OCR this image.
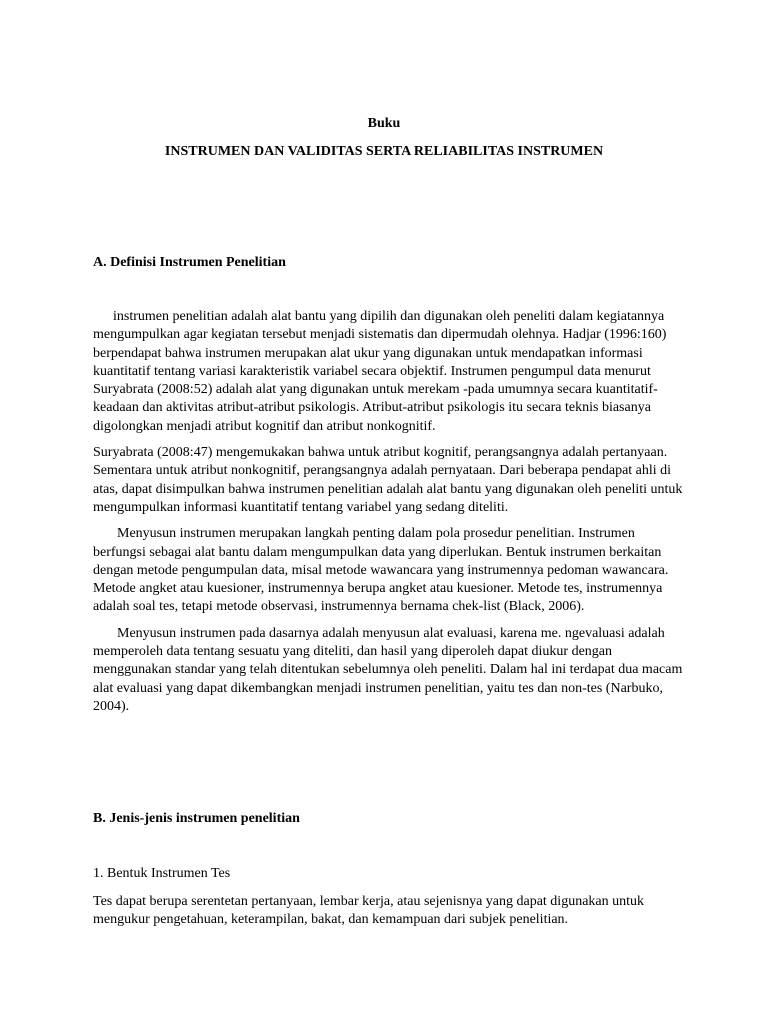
Buku
INSTRUMEN DAN VALIDITAS SERTA RELIABILITAS INSTRUMEN
A. Definisi Instrumen Penelitian

instrumen penelitian adalah alat bantu yang dipilih dan digunakan oleh peneliti dalam kegiatannya mengumpulkan agar kegiatan tersebut menjadi sistematis dan dipermudah olehnya. Hadjar (1996:160) berpendapat bahwa instrumen merupakan alat ukur yang digunakan untuk mendapatkan informasi kuantitatif tentang variasi karakteristik variabel secara objektif. Instrumen pengumpul data menurut Suryabrata (2008:52) adalah alat yang digunakan untuk merekam -pada umumnya secara kuantitatif- keadaan dan aktivitas atribut-atribut psikologis. Atribut-atribut psikologis itu secara teknis biasanya digolongkan menjadi atribut kognitif dan atribut nonkognitif.

Suryabrata (2008:47) mengemukakan bahwa untuk atribut kognitif, perangsangnya adalah pertanyaan. Sementara untuk atribut nonkognitif, perangsangnya adalah pernyataan. Dari beberapa pendapat ahli di atas, dapat disimpulkan bahwa instrumen penelitian adalah alat bantu yang digunakan oleh peneliti untuk mengumpulkan informasi kuantitatif tentang variabel yang sedang diteliti.

Menyusun instrumen merupakan langkah penting dalam pola prosedur penelitian. Instrumen berfungsi sebagai alat bantu dalam mengumpulkan data yang diperlukan. Bentuk instrumen berkaitan dengan metode pengumpulan data, misal metode wawancara yang instrumennya pedoman wawancara. Metode angket atau kuesioner, instrumennya berupa angket atau kuesioner. Metode tes, instrumennya adalah soal tes, tetapi metode observasi, instrumennya bernama chek-list (Black, 2006).

Menyusun instrumen pada dasarnya adalah menyusun alat evaluasi, karena me. ngevaluasi adalah memperoleh data tentang sesuatu yang diteliti, dan hasil yang diperoleh dapat diukur dengan menggunakan standar yang telah ditentukan sebelumnya oleh peneliti. Dalam hal ini terdapat dua macam alat evaluasi yang dapat dikembangkan menjadi instrumen penelitian, yaitu tes dan non-tes (Narbuko, 2004).

B. Jenis-jenis instrumen penelitian
1. Bentuk Instrumen Tes

Tes dapat berupa serentetan pertanyaan, lembar kerja, atau sejenisnya yang dapat digunakan untuk mengukur pengetahuan, keterampilan, bakat, dan kemampuan dari subjek penelitian.
